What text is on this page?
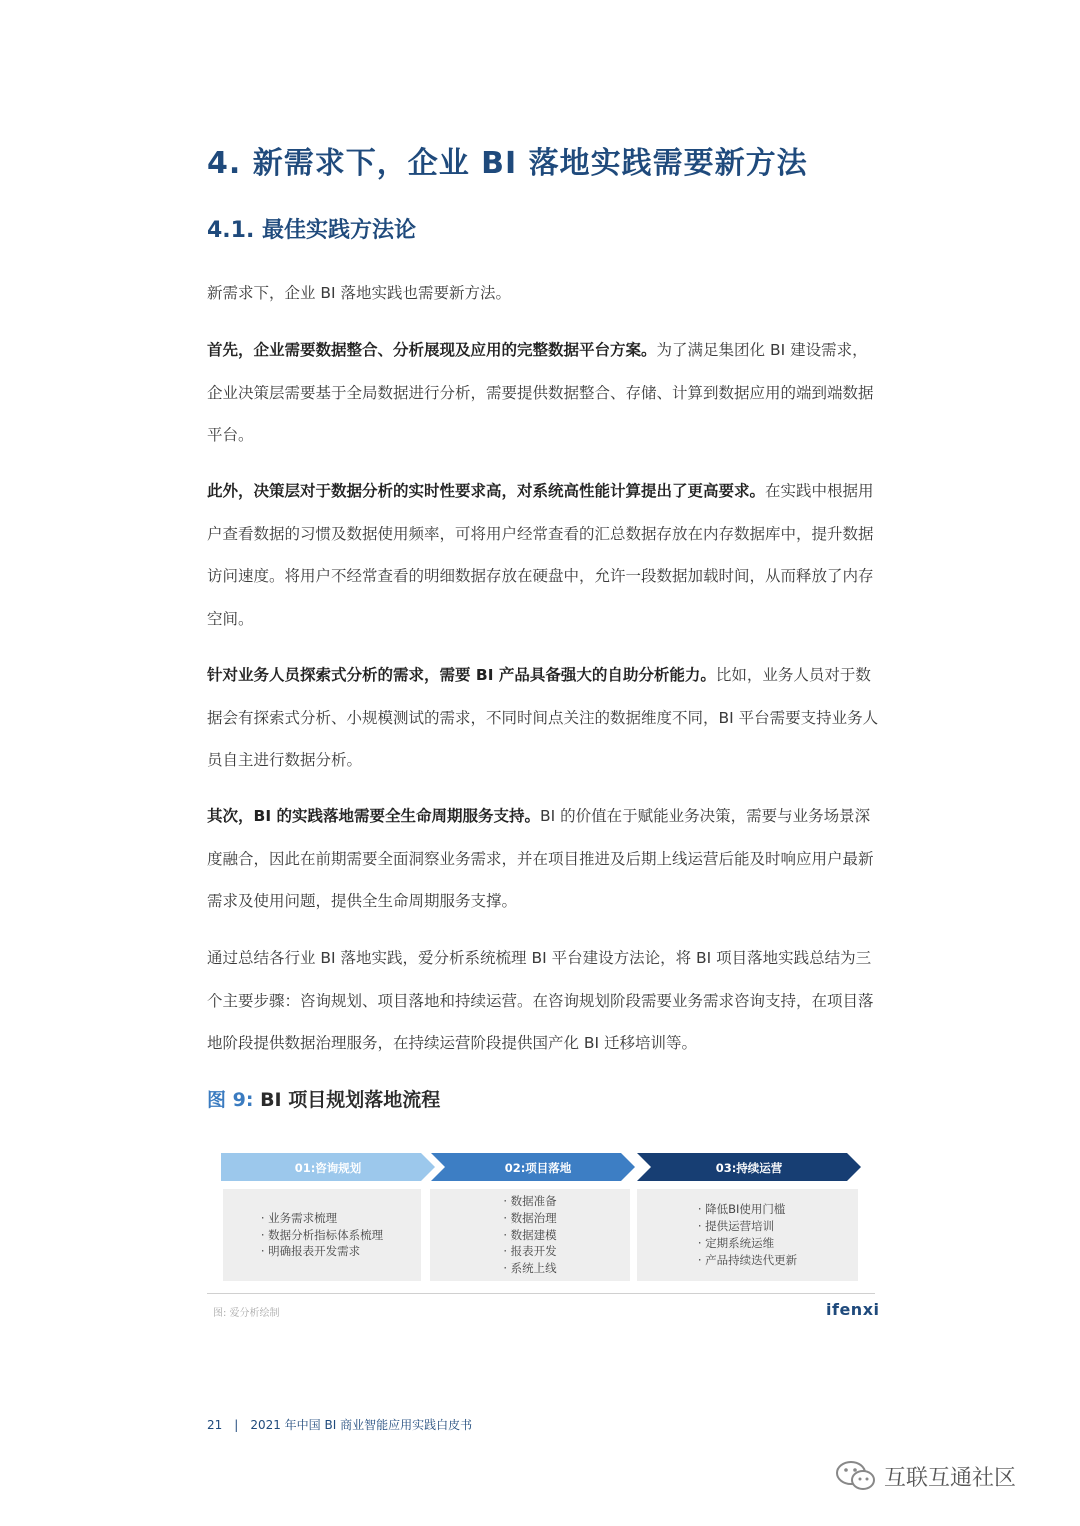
4. 新需求下，企业 BI 落地实践需要新方法
4.1. 最佳实践方法论

新需求下，企业 BI 落地实践也需要新方法。

首先，企业需要数据整合、分析展现及应用的完整数据平台方案。为了满足集团化 BI 建设需求，企业决策层需要基于全局数据进行分析，需要提供数据整合、存储、计算到数据应用的端到端数据平台。

此外，决策层对于数据分析的实时性要求高，对系统高性能计算提出了更高要求。在实践中根据用户查看数据的习惯及数据使用频率，可将用户经常查看的汇总数据存放在内存数据库中，提升数据访问速度。将用户不经常查看的明细数据存放在硬盘中，允许一段数据加载时间，从而释放了内存空间。

针对业务人员探索式分析的需求，需要 BI 产品具备强大的自助分析能力。比如，业务人员对于数据会有探索式分析、小规模测试的需求，不同时间点关注的数据维度不同，BI 平台需要支持业务人员自主进行数据分析。

其次，BI 的实践落地需要全生命周期服务支持。BI 的价值在于赋能业务决策，需要与业务场景深度融合，因此在前期需要全面洞察业务需求，并在项目推进及后期上线运营后能及时响应用户最新需求及使用问题，提供全生命周期服务支撑。

通过总结各行业 BI 落地实践，爱分析系统梳理 BI 平台建设方法论，将 BI 项目落地实践总结为三个主要步骤：咨询规划、项目落地和持续运营。在咨询规划阶段需要业务需求咨询支持，在项目落地阶段提供数据治理服务，在持续运营阶段提供国产化 BI 迁移培训等。

图 9: BI 项目规划落地流程
01:咨询规划	02:项目落地	03:持续运营
· 业务需求梳理
· 数据分析指标体系梳理
· 明确报表开发需求
· 数据准备
· 数据治理
· 数据建模
· 报表开发
· 系统上线
· 降低BI使用门槛
· 提供运营培训
· 定期系统运维
· 产品持续迭代更新
图: 爱分析绘制	ifenxi
21 | 2021 年中国 BI 商业智能应用实践白皮书
互联互通社区
